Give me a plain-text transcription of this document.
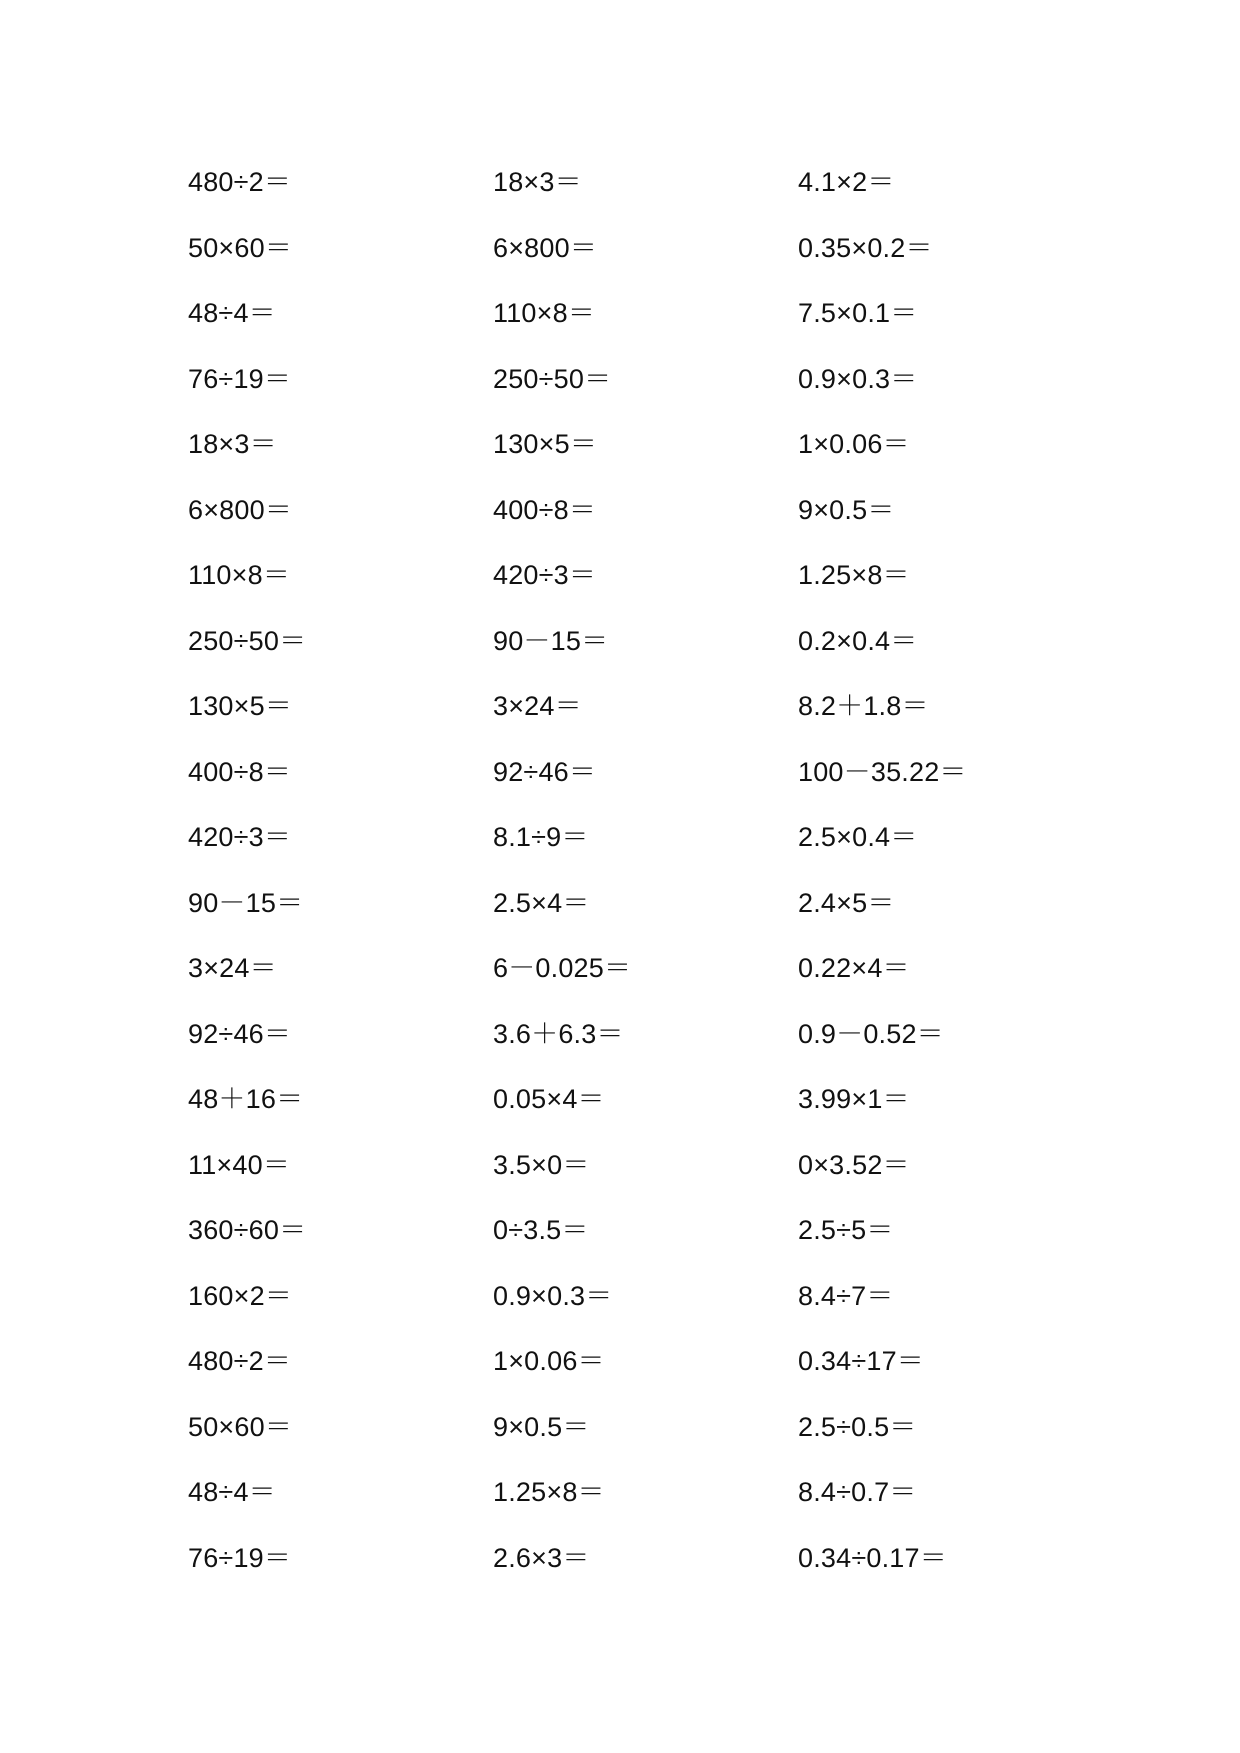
480÷2＝
50×60＝
48÷4＝
76÷19＝
18×3＝
6×800＝
110×8＝
250÷50＝
130×5＝
400÷8＝
420÷3＝
90－15＝
3×24＝
92÷46＝
48＋16＝
11×40＝
360÷60＝
160×2＝
480÷2＝
50×60＝
48÷4＝
76÷19＝
18×3＝
6×800＝
110×8＝
250÷50＝
130×5＝
400÷8＝
420÷3＝
90－15＝
3×24＝
92÷46＝
8.1÷9＝
2.5×4＝
6－0.025＝
3.6＋6.3＝
0.05×4＝
3.5×0＝
0÷3.5＝
0.9×0.3＝
1×0.06＝
9×0.5＝
1.25×8＝
2.6×3＝
4.1×2＝
0.35×0.2＝
7.5×0.1＝
0.9×0.3＝
1×0.06＝
9×0.5＝
1.25×8＝
0.2×0.4＝
8.2＋1.8＝
100－35.22＝
2.5×0.4＝
2.4×5＝
0.22×4＝
0.9－0.52＝
3.99×1＝
0×3.52＝
2.5÷5＝
8.4÷7＝
0.34÷17＝
2.5÷0.5＝
8.4÷0.7＝
0.34÷0.17＝
